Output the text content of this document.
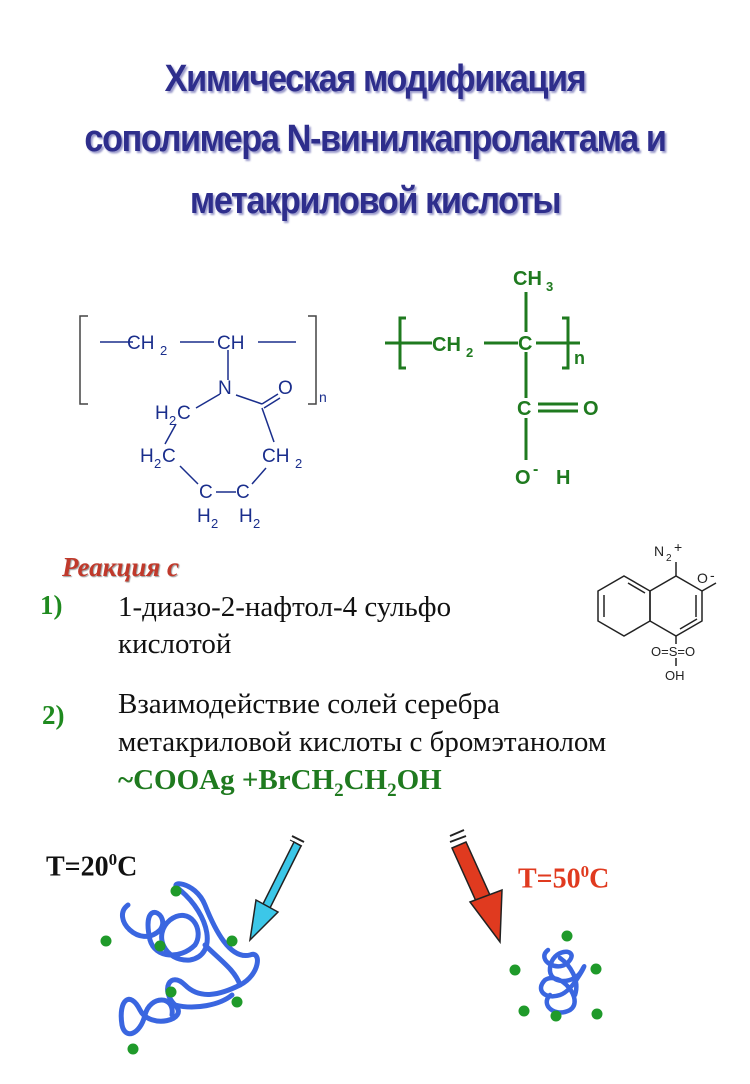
Химическая модификация
сополимера N-винилкапролактама и
метакриловой кислоты
CH 2	CH
N O n
H 2 C
H 2 C	CH 2
C C
H 2 H 2
CH 3
CH 2 C
n
C	O
O - H
N 2
+
O -
O=S=O
OH
Реакция с
1) 1-диазо-2-нафтол-4 сульфо
кислотой
2) Взаимодействие солей серебра
метакриловой кислоты с бромэтанолом
~COOAg $+BrCH_2CH_2OH$
$T=20^0C$	$T=50^0C$
